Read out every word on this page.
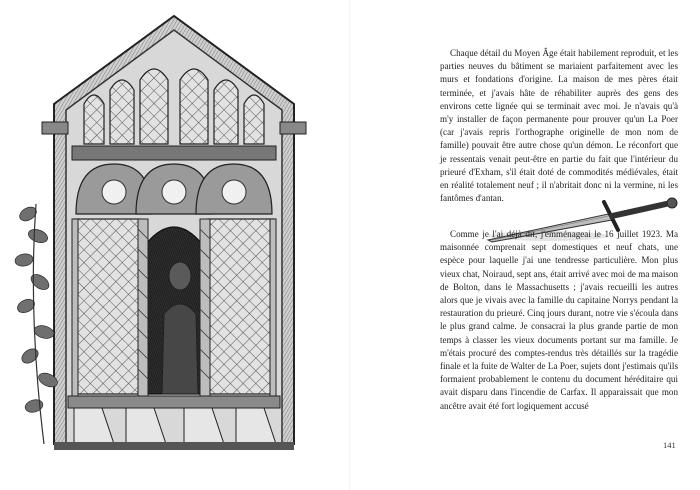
Chaque détail du Moyen Âge était habilement reproduit, et les parties neuves du bâtiment se mariaient parfaitement avec les murs et fondations d'origine. La maison de mes pères était terminée, et j'avais hâte de réhabiliter auprès des gens des environs cette lignée qui se terminait avec moi. Je n'avais qu'à m'y installer de façon permanente pour prouver qu'un La Poer (car j'avais repris l'orthographe originelle de mon nom de famille) pouvait être autre chose qu'un démon. Le réconfort que je ressentais venait peut-être en partie du fait que l'intérieur du prieuré d'Exham, s'il était doté de commodités médiévales, était en réalité totalement neuf ; il n'abritait donc ni la vermine, ni les fantômes d'antan.

Comme je l'ai déjà dit, j'emménageai le 16 juillet 1923. Ma maisonnée comprenait sept domestiques et neuf chats, une espèce pour laquelle j'ai une tendresse particulière. Mon plus vieux chat, Noiraud, sept ans, était arrivé avec moi de ma maison de Bolton, dans le Massachusetts ; j'avais recueilli les autres alors que je vivais avec la famille du capitaine Norrys pendant la restauration du prieuré. Cinq jours durant, notre vie s'écoula dans le plus grand calme. Je consacrai la plus grande partie de mon temps à classer les vieux documents portant sur ma famille. Je m'étais procuré des comptes-rendus très détaillés sur la tragédie finale et la fuite de Walter de La Poer, sujets dont j'estimais qu'ils formaient probablement le contenu du document héréditaire qui avait disparu dans l'incendie de Carfax. Il apparaissait que mon ancêtre avait été fort logiquement accusé

141
